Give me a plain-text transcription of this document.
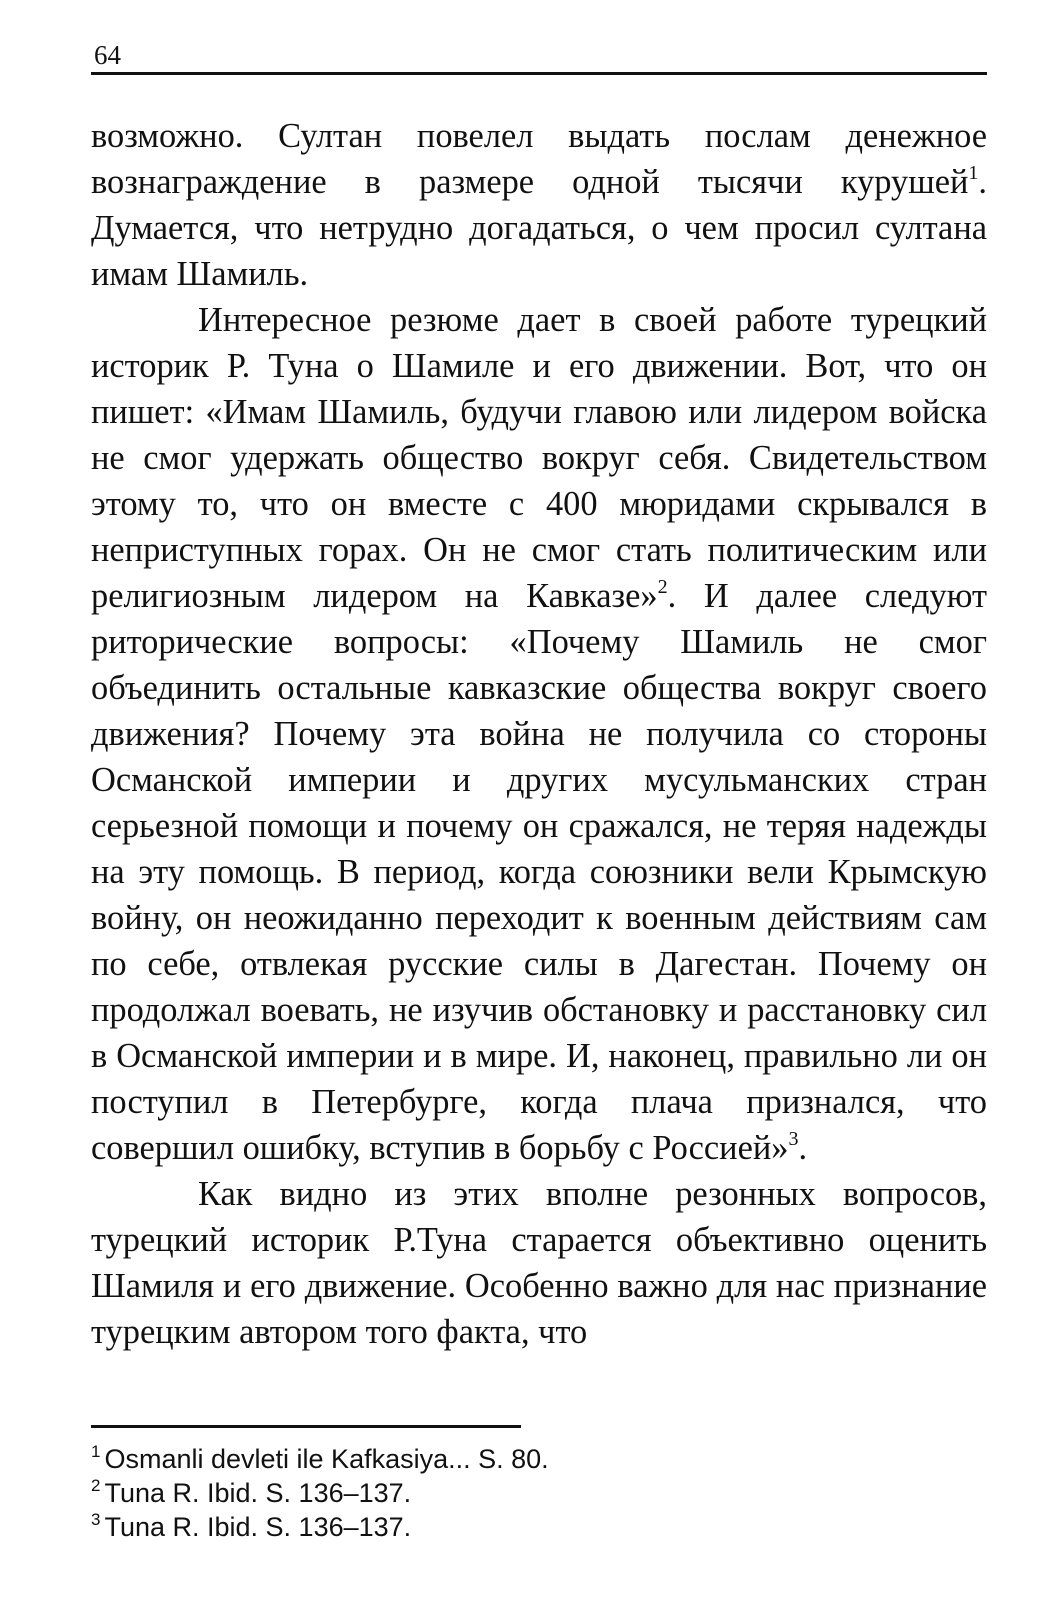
64

возможно. Султан повелел выдать послам денежное вознаграждение в размере одной тысячи курушей$^1$. Думается, что нетрудно догадаться, о чем просил султана имам Шамиль.

Интересное резюме дает в своей работе турецкий историк Р. Туна о Шамиле и его движении. Вот, что он пишет: «Имам Шамиль, будучи главою или лидером войска не смог удержать общество вокруг себя. Свидетельством этому то, что он вместе с 400 мюридами скрывался в неприступных горах. Он не смог стать политическим или религиозным лидером на Кавказе»$^2$. И далее следуют риторические вопросы: «Почему Шамиль не смог объединить остальные кавказские общества вокруг своего движения? Почему эта война не получила со стороны Османской империи и других мусульманских стран серьезной помощи и почему он сражался, не теряя надежды на эту помощь. В период, когда союзники вели Крымскую войну, он неожиданно переходит к военным действиям сам по себе, отвлекая русские силы в Дагестан. Почему он продолжал воевать, не изучив обстановку и расстановку сил в Османской империи и в мире. И, наконец, правильно ли он поступил в Петербурге, когда плача признался, что совершил ошибку, вступив в борьбу с Россией»$^3$.

Как видно из этих вполне резонных вопросов, турецкий историк Р.Туна старается объективно оценить Шамиля и его движение. Особенно важно для нас признание турецким автором того факта, что

$^1$ Osmanli devleti ile Kafkasiya... S. 80.

$^2$ Tuna R. Ibid. S. 136–137.

$^3$ Tuna R. Ibid. S. 136–137.
